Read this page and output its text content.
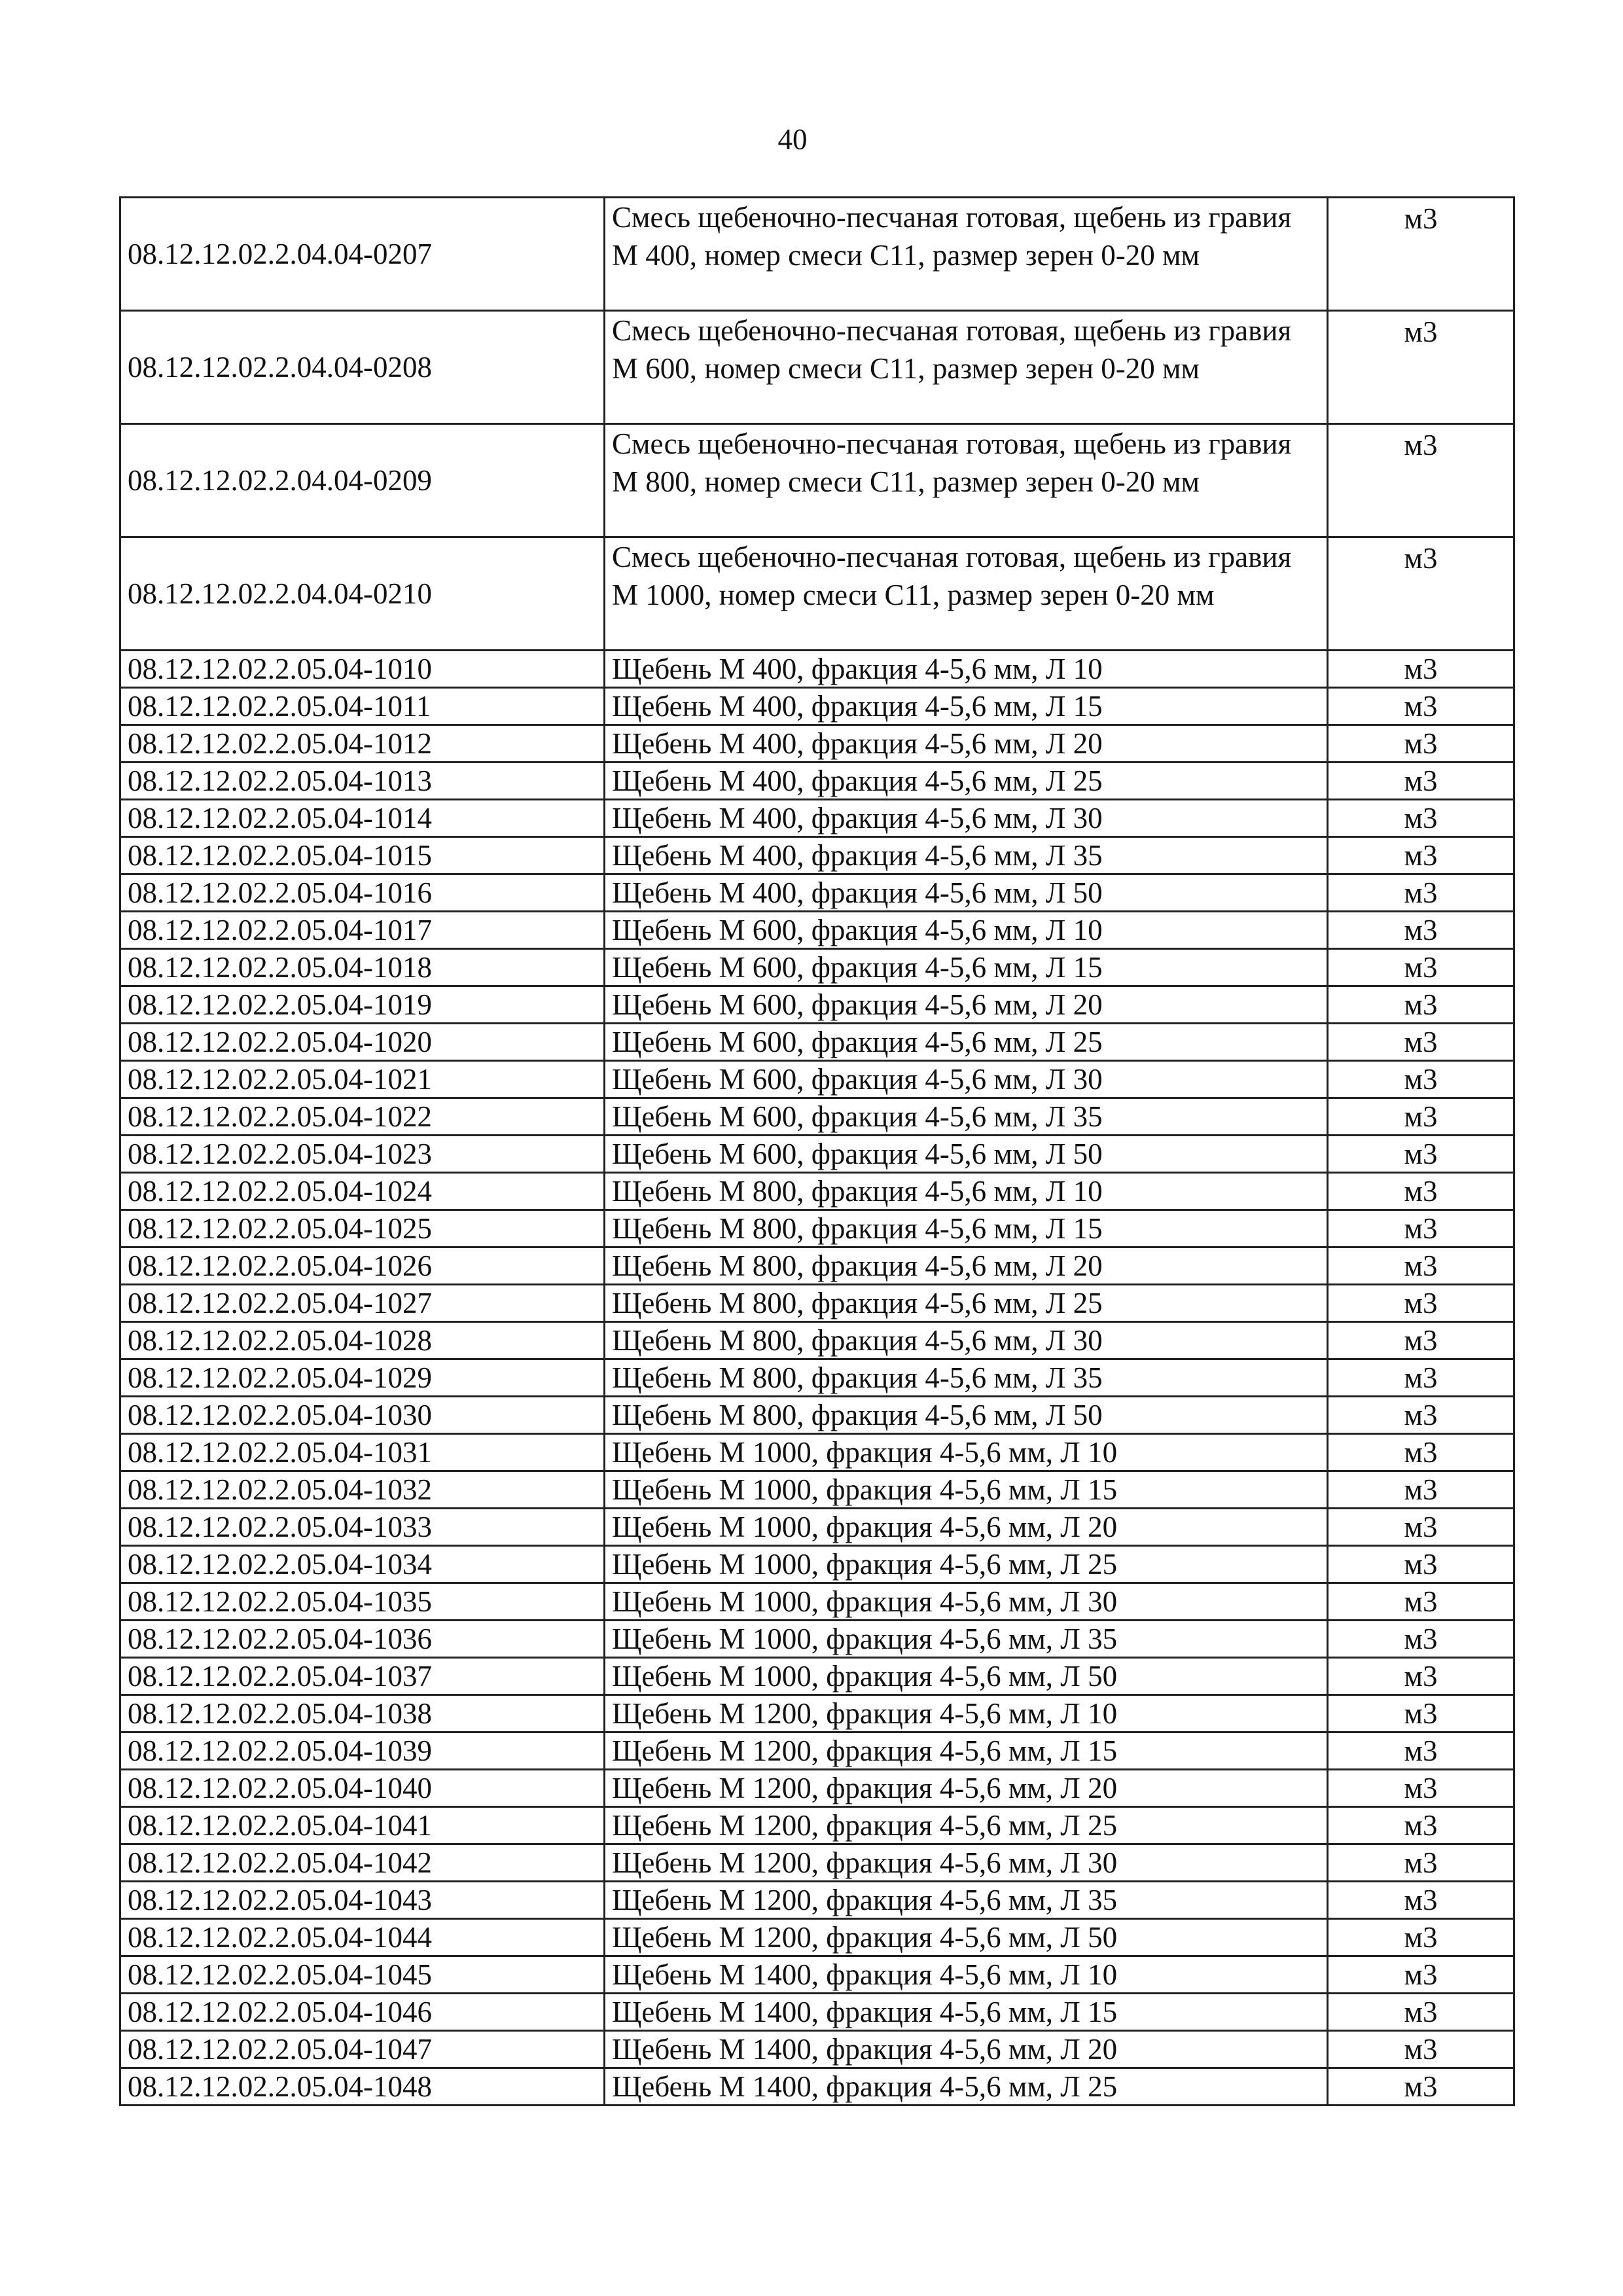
40
08.12.12.02.2.04.04-0207	Смесь щебеночно-песчаная готовая, щебень из гравия М 400, номер смеси С11, размер зерен 0-20 мм	м3
08.12.12.02.2.04.04-0208	Смесь щебеночно-песчаная готовая, щебень из гравия М 600, номер смеси С11, размер зерен 0-20 мм	м3
08.12.12.02.2.04.04-0209	Смесь щебеночно-песчаная готовая, щебень из гравия М 800, номер смеси С11, размер зерен 0-20 мм	м3
08.12.12.02.2.04.04-0210	Смесь щебеночно-песчаная готовая, щебень из гравия М 1000, номер смеси С11, размер зерен 0-20 мм	м3
08.12.12.02.2.05.04-1010	Щебень М 400, фракция 4-5,6 мм, Л 10	м3
08.12.12.02.2.05.04-1011	Щебень М 400, фракция 4-5,6 мм, Л 15	м3
08.12.12.02.2.05.04-1012	Щебень М 400, фракция 4-5,6 мм, Л 20	м3
08.12.12.02.2.05.04-1013	Щебень М 400, фракция 4-5,6 мм, Л 25	м3
08.12.12.02.2.05.04-1014	Щебень М 400, фракция 4-5,6 мм, Л 30	м3
08.12.12.02.2.05.04-1015	Щебень М 400, фракция 4-5,6 мм, Л 35	м3
08.12.12.02.2.05.04-1016	Щебень М 400, фракция 4-5,6 мм, Л 50	м3
08.12.12.02.2.05.04-1017	Щебень М 600, фракция 4-5,6 мм, Л 10	м3
08.12.12.02.2.05.04-1018	Щебень М 600, фракция 4-5,6 мм, Л 15	м3
08.12.12.02.2.05.04-1019	Щебень М 600, фракция 4-5,6 мм, Л 20	м3
08.12.12.02.2.05.04-1020	Щебень М 600, фракция 4-5,6 мм, Л 25	м3
08.12.12.02.2.05.04-1021	Щебень М 600, фракция 4-5,6 мм, Л 30	м3
08.12.12.02.2.05.04-1022	Щебень М 600, фракция 4-5,6 мм, Л 35	м3
08.12.12.02.2.05.04-1023	Щебень М 600, фракция 4-5,6 мм, Л 50	м3
08.12.12.02.2.05.04-1024	Щебень М 800, фракция 4-5,6 мм, Л 10	м3
08.12.12.02.2.05.04-1025	Щебень М 800, фракция 4-5,6 мм, Л 15	м3
08.12.12.02.2.05.04-1026	Щебень М 800, фракция 4-5,6 мм, Л 20	м3
08.12.12.02.2.05.04-1027	Щебень М 800, фракция 4-5,6 мм, Л 25	м3
08.12.12.02.2.05.04-1028	Щебень М 800, фракция 4-5,6 мм, Л 30	м3
08.12.12.02.2.05.04-1029	Щебень М 800, фракция 4-5,6 мм, Л 35	м3
08.12.12.02.2.05.04-1030	Щебень М 800, фракция 4-5,6 мм, Л 50	м3
08.12.12.02.2.05.04-1031	Щебень М 1000, фракция 4-5,6 мм, Л 10	м3
08.12.12.02.2.05.04-1032	Щебень М 1000, фракция 4-5,6 мм, Л 15	м3
08.12.12.02.2.05.04-1033	Щебень М 1000, фракция 4-5,6 мм, Л 20	м3
08.12.12.02.2.05.04-1034	Щебень М 1000, фракция 4-5,6 мм, Л 25	м3
08.12.12.02.2.05.04-1035	Щебень М 1000, фракция 4-5,6 мм, Л 30	м3
08.12.12.02.2.05.04-1036	Щебень М 1000, фракция 4-5,6 мм, Л 35	м3
08.12.12.02.2.05.04-1037	Щебень М 1000, фракция 4-5,6 мм, Л 50	м3
08.12.12.02.2.05.04-1038	Щебень М 1200, фракция 4-5,6 мм, Л 10	м3
08.12.12.02.2.05.04-1039	Щебень М 1200, фракция 4-5,6 мм, Л 15	м3
08.12.12.02.2.05.04-1040	Щебень М 1200, фракция 4-5,6 мм, Л 20	м3
08.12.12.02.2.05.04-1041	Щебень М 1200, фракция 4-5,6 мм, Л 25	м3
08.12.12.02.2.05.04-1042	Щебень М 1200, фракция 4-5,6 мм, Л 30	м3
08.12.12.02.2.05.04-1043	Щебень М 1200, фракция 4-5,6 мм, Л 35	м3
08.12.12.02.2.05.04-1044	Щебень М 1200, фракция 4-5,6 мм, Л 50	м3
08.12.12.02.2.05.04-1045	Щебень М 1400, фракция 4-5,6 мм, Л 10	м3
08.12.12.02.2.05.04-1046	Щебень М 1400, фракция 4-5,6 мм, Л 15	м3
08.12.12.02.2.05.04-1047	Щебень М 1400, фракция 4-5,6 мм, Л 20	м3
08.12.12.02.2.05.04-1048	Щебень М 1400, фракция 4-5,6 мм, Л 25	м3
